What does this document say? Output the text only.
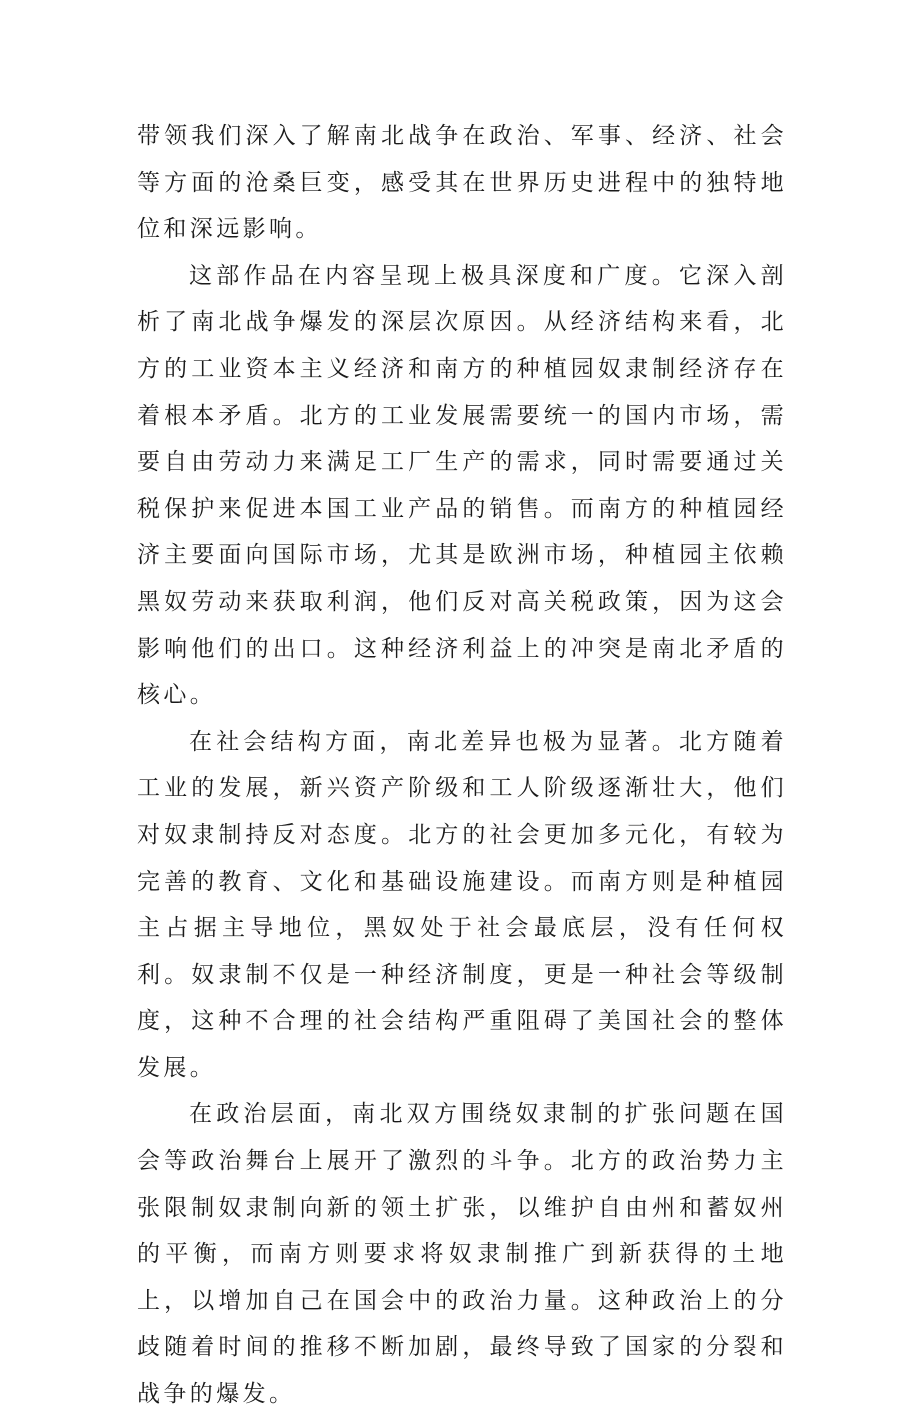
带领我们深入了解南北战争在政治、军事、经济、社会等方面的沧桑巨变，感受其在世界历史进程中的独特地位和深远影响。

这部作品在内容呈现上极具深度和广度。它深入剖析了南北战争爆发的深层次原因。从经济结构来看，北方的工业资本主义经济和南方的种植园奴隶制经济存在着根本矛盾。北方的工业发展需要统一的国内市场，需要自由劳动力来满足工厂生产的需求，同时需要通过关税保护来促进本国工业产品的销售。而南方的种植园经济主要面向国际市场，尤其是欧洲市场，种植园主依赖黑奴劳动来获取利润，他们反对高关税政策，因为这会影响他们的出口。这种经济利益上的冲突是南北矛盾的核心。

在社会结构方面，南北差异也极为显著。北方随着工业的发展，新兴资产阶级和工人阶级逐渐壮大，他们对奴隶制持反对态度。北方的社会更加多元化，有较为完善的教育、文化和基础设施建设。而南方则是种植园主占据主导地位，黑奴处于社会最底层，没有任何权利。奴隶制不仅是一种经济制度，更是一种社会等级制度，这种不合理的社会结构严重阻碍了美国社会的整体发展。

在政治层面，南北双方围绕奴隶制的扩张问题在国会等政治舞台上展开了激烈的斗争。北方的政治势力主张限制奴隶制向新的领土扩张，以维护自由州和蓄奴州的平衡，而南方则要求将奴隶制推广到新获得的土地上，以增加自己在国会中的政治力量。这种政治上的分歧随着时间的推移不断加剧，最终导致了国家的分裂和战争的爆发。
